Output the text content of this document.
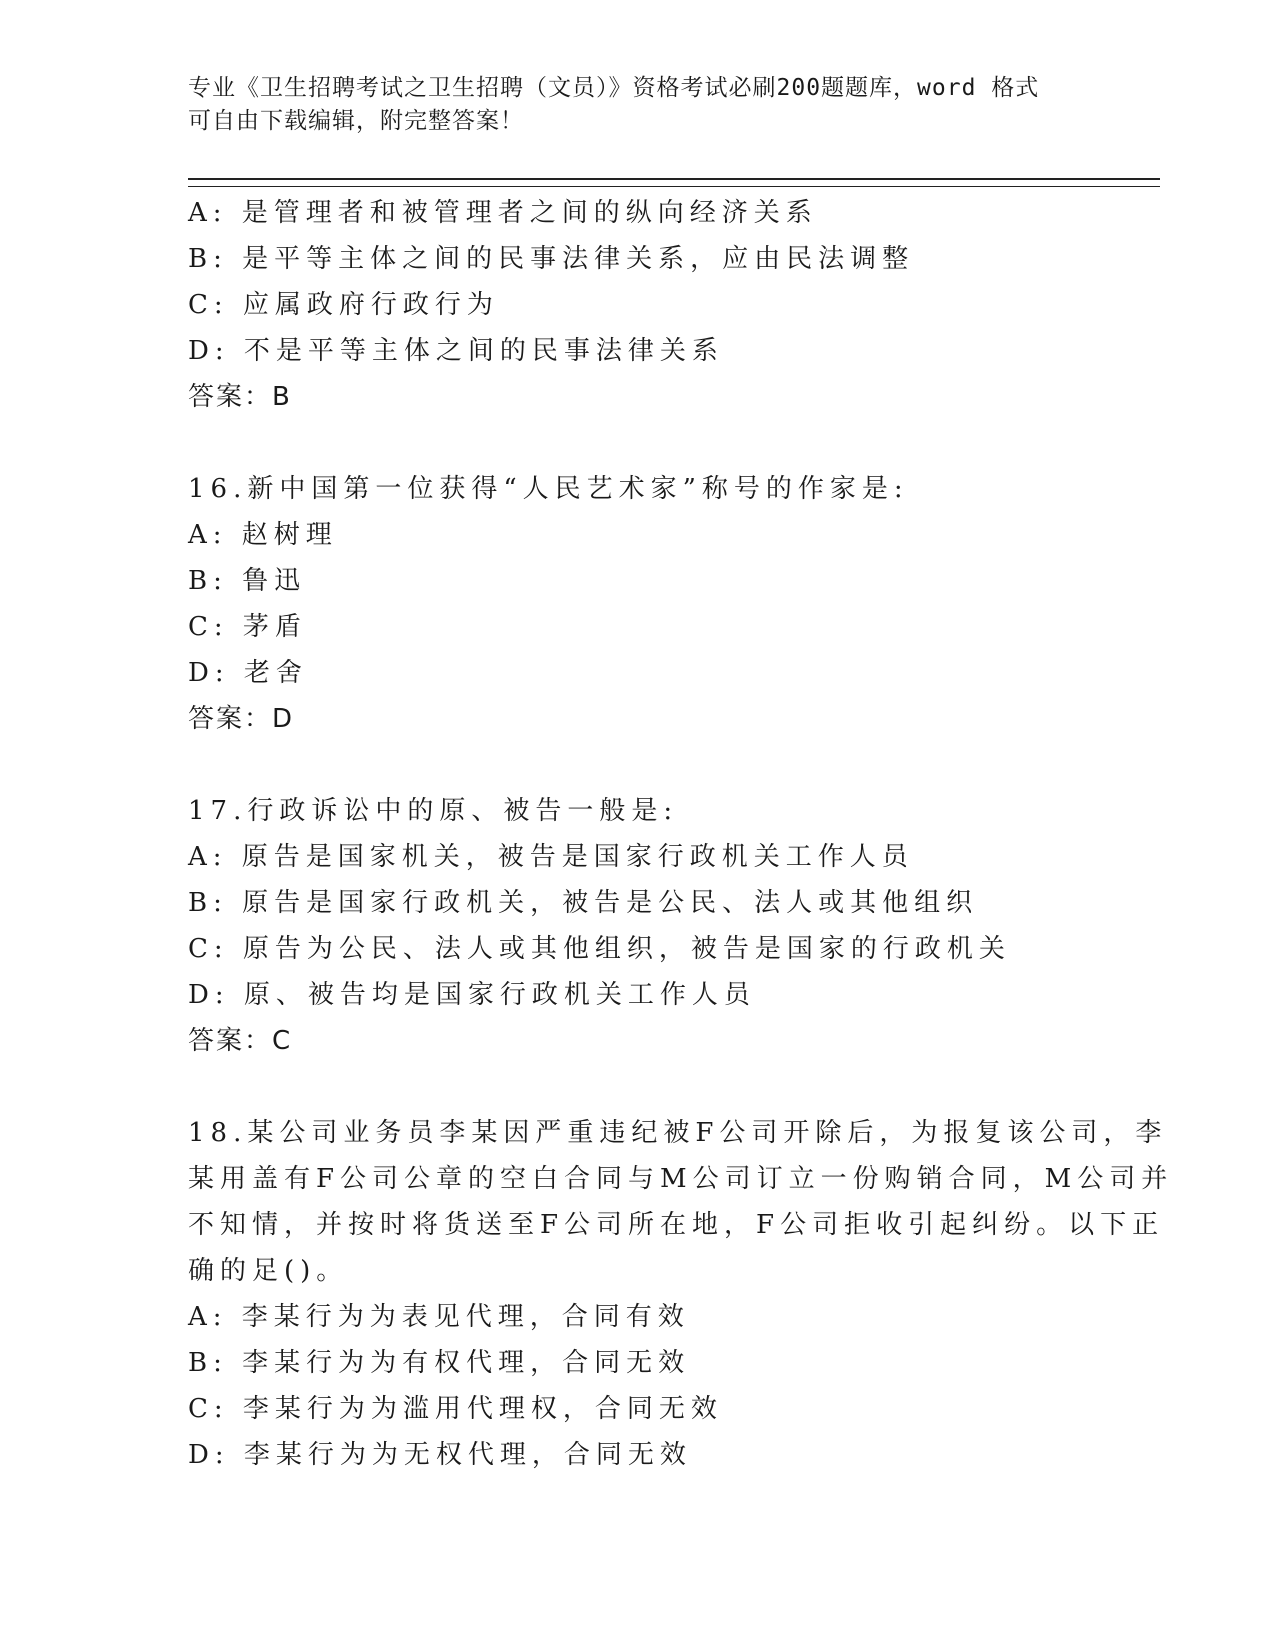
专业《卫生招聘考试之卫生招聘（文员）》资格考试必刷200题题库，word 格式
可自由下载编辑，附完整答案！
A: 是管理者和被管理者之间的纵向经济关系
B: 是平等主体之间的民事法律关系，应由民法调整
C: 应属政府行政行为
D: 不是平等主体之间的民事法律关系
答案：B
16.新中国第一位获得“人民艺术家”称号的作家是:
A: 赵树理
B: 鲁迅
C: 茅盾
D: 老舍
答案：D
17.行政诉讼中的原、被告一般是:
A: 原告是国家机关，被告是国家行政机关工作人员
B: 原告是国家行政机关，被告是公民、法人或其他组织
C: 原告为公民、法人或其他组织，被告是国家的行政机关
D: 原、被告均是国家行政机关工作人员
答案：C
18.某公司业务员李某因严重违纪被F公司开除后，为报复该公司，李
某用盖有F公司公章的空白合同与M公司订立一份购销合同，M公司并
不知情，并按时将货送至F公司所在地，F公司拒收引起纠纷。以下正
确的足()。
A: 李某行为为表见代理，合同有效
B: 李某行为为有权代理，合同无效
C: 李某行为为滥用代理权，合同无效
D: 李某行为为无权代理，合同无效
